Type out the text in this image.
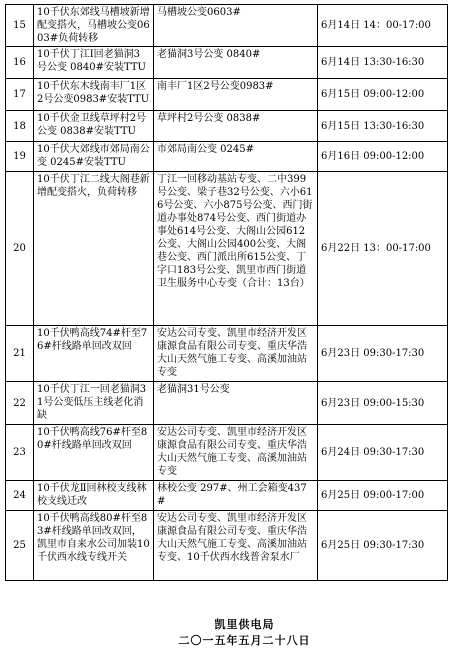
15	10千伏东郊线马槽坡新增配变搭火，马槽坡公变0603#负荷转移	马槽坡公变0603#	6月14日 14：00-17:00
16	10千伏丁江Ⅰ回老猫洞3号公变 0840#安装TTU	老猫洞3号公变 0840#	6月14日 13:30-16:30
17	10千伏东木线南丰厂1区2号公变0983#安装TTU	南丰厂1区2号公变0983#	6月15日 09:00-12:00
18	10千伏金卫线草坪村2号公变 0838#安装TTU	草坪村2号公变 0838#	6月15日 13:30-16:30
19	10千伏大郊线市郊局南公变 0245#安装TTU	市郊局南公变 0245#	6月16日 09:00-12:00
20	10千伏丁江二线大阁巷新增配变搭火，负荷转移	丁江一回移动基站专变、二中399号公变、梁子巷32号公变、六小616号公变、六小875号公变、西门街道办事处874号公变、西门街道办事处614号公变、大阁山公园612公变、大阁山公园400公变、大阁巷公变、西门派出所615公变、丁字口183号公变、凯里市西门街道卫生服务中心专变（合计：13台）	6月22日 13：00-17:00
21	10千伏鸭高线74#杆至76#杆线路单回改双回	安达公司专变、凯里市经济开发区康源食品有限公司专变、重庆华浩大山天然气施工专变、高溪加油站专变	6月23日 09:30-17:30
22	10千伏丁江一回老猫洞31号公变低压主线老化消缺	老猫洞31号公变	6月23日 09:00-15:30
23	10千伏鸭高线76#杆至80#杆线路单回改双回	安达公司专变、凯里市经济开发区康源食品有限公司专变、重庆华浩大山天然气施工专变、高溪加油站专变	6月24日 09:30-17:30
24	10千伏龙Ⅱ回林校支线林校支线迁改	林校公变 297#、州工会箱变437#	6月25日 09:00-17:00
25	10千伏鸭高线80#杆至83#杆线路单回改双回，凯里市自来水公司加装10千伏西水线专线开关	安达公司专变、凯里市经济开发区康源食品有限公司专变、重庆华浩大山天然气施工专变、高溪加油站专变、10千伏西水线普舍泵水厂	6月25日 09:30-17:30
凯里供电局
二〇一五年五月二十八日
